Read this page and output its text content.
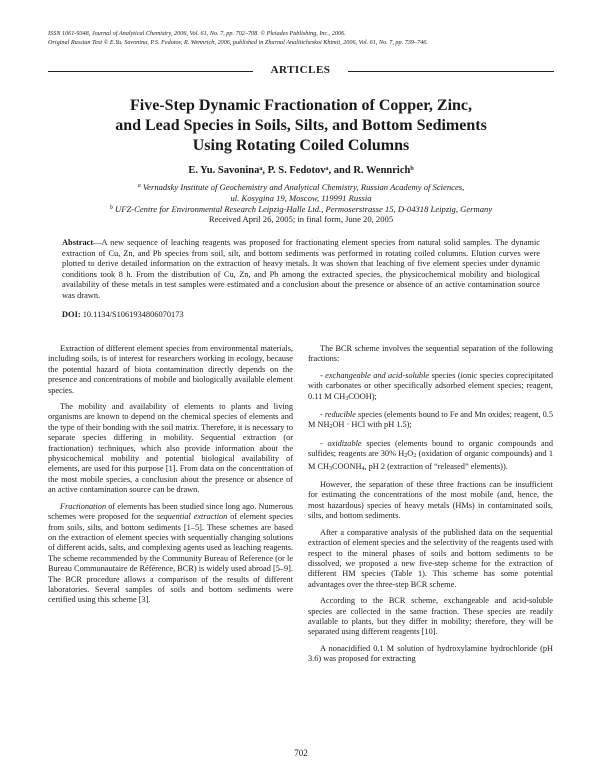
ISSN 1061-9348, Journal of Analytical Chemistry, 2006, Vol. 61, No. 7, pp. 702–708. © Pleiades Publishing, Inc., 2006.
Original Russian Text © E.Yu. Savonina, P.S. Fedotov, R. Wennrich, 2006, published in Zhurnal Analiticheskoi Khimii, 2006, Vol. 61, No. 7, pp. 739–746.
ARTICLES
Five-Step Dynamic Fractionation of Copper, Zinc,
and Lead Species in Soils, Silts, and Bottom Sediments
Using Rotating Coiled Columns
E. Yu. Savonina$^a$, P. S. Fedotov$^a$, and R. Wennrich$^b$
$^a$ Vernadsky Institute of Geochemistry and Analytical Chemistry, Russian Academy of Sciences,
ul. Kosygina 19, Moscow, 119991 Russia
$^b$ UFZ-Centre for Environmental Research Leipzig-Halle Ltd., Permoserstrasse 15, D-04318 Leipzig, Germany
Received April 26, 2005; in final form, June 20, 2005
Abstract—A new sequence of leaching reagents was proposed for fractionating element species from natural solid samples. The dynamic extraction of Cu, Zn, and Pb species from soil, silt, and bottom sediments was performed in rotating coiled columns. Elution curves were plotted to derive detailed information on the extraction of heavy metals. It was shown that leaching of five element species under dynamic conditions took 8 h. From the distribution of Cu, Zn, and Pb among the extracted species, the physicochemical mobility and biological availability of these metals in test samples were estimated and a conclusion about the presence or absence of an active contamination source was drawn.
DOI: 10.1134/S1061934806070173

Extraction of different element species from environmental materials, including soils, is of interest for researchers working in ecology, because the potential hazard of biota contamination directly depends on the presence and concentrations of mobile and biologically available element species.

The mobility and availability of elements to plants and living organisms are known to depend on the chemical species of elements and the type of their bonding with the soil matrix. Therefore, it is necessary to separate species differing in mobility. Sequential extraction (or fractionation) techniques, which also provide information about the physicochemical mobility and potential biological availability of elements, are used for this purpose [1]. From data on the concentration of the most mobile species, a conclusion about the presence or absence of an active contamination source can be drawn.

Fractionation of elements has been studied since long ago. Numerous schemes were proposed for the sequential extraction of element species from soils, silts, and bottom sediments [1–5]. These schemes are based on the extraction of element species with sequentially changing solutions of different acids, salts, and complexing agents used as leaching reagents. The scheme recommended by the Community Bureau of Reference (or le Bureau Communautaire de Référence, BCR) is widely used abroad [5–9]. The BCR procedure allows a comparison of the results of different laboratories. Several samples of soils and bottom sediments were certified using this scheme [3].

The BCR scheme involves the sequential separation of the following fractions:

- exchangeable and acid-soluble species (ionic species coprecipitated with carbonates or other specifically adsorbed element species; reagent, 0.11 M CH3COOH);

- reducible species (elements bound to Fe and Mn oxides; reagent, 0.5 M NH2OH · HCl with pH 1.5);

- oxidizable species (elements bound to organic compounds and sulfides; reagents are 30% H2O2 (oxidation of organic compounds) and 1 M CH3COONH4, pH 2 (extraction of “released” elements)).

However, the separation of these three fractions can be insufficient for estimating the concentrations of the most mobile (and, hence, the most hazardous) species of heavy metals (HMs) in contaminated soils, silts, and bottom sediments.

After a comparative analysis of the published data on the sequential extraction of element species and the selectivity of the reagents used with respect to the mineral phases of soils and bottom sediments to be dissolved, we proposed a new five-step scheme for the extraction of different HM species (Table 1). This scheme has some potential advantages over the three-step BCR scheme.

According to the BCR scheme, exchangeable and acid-soluble species are collected in the same fraction. These species are readily available to plants, but they differ in mobility; therefore, they will be separated using different reagents [10].

A nonacidified 0.1 M solution of hydroxylamine hydrochloride (pH 3.6) was proposed for extracting

702
